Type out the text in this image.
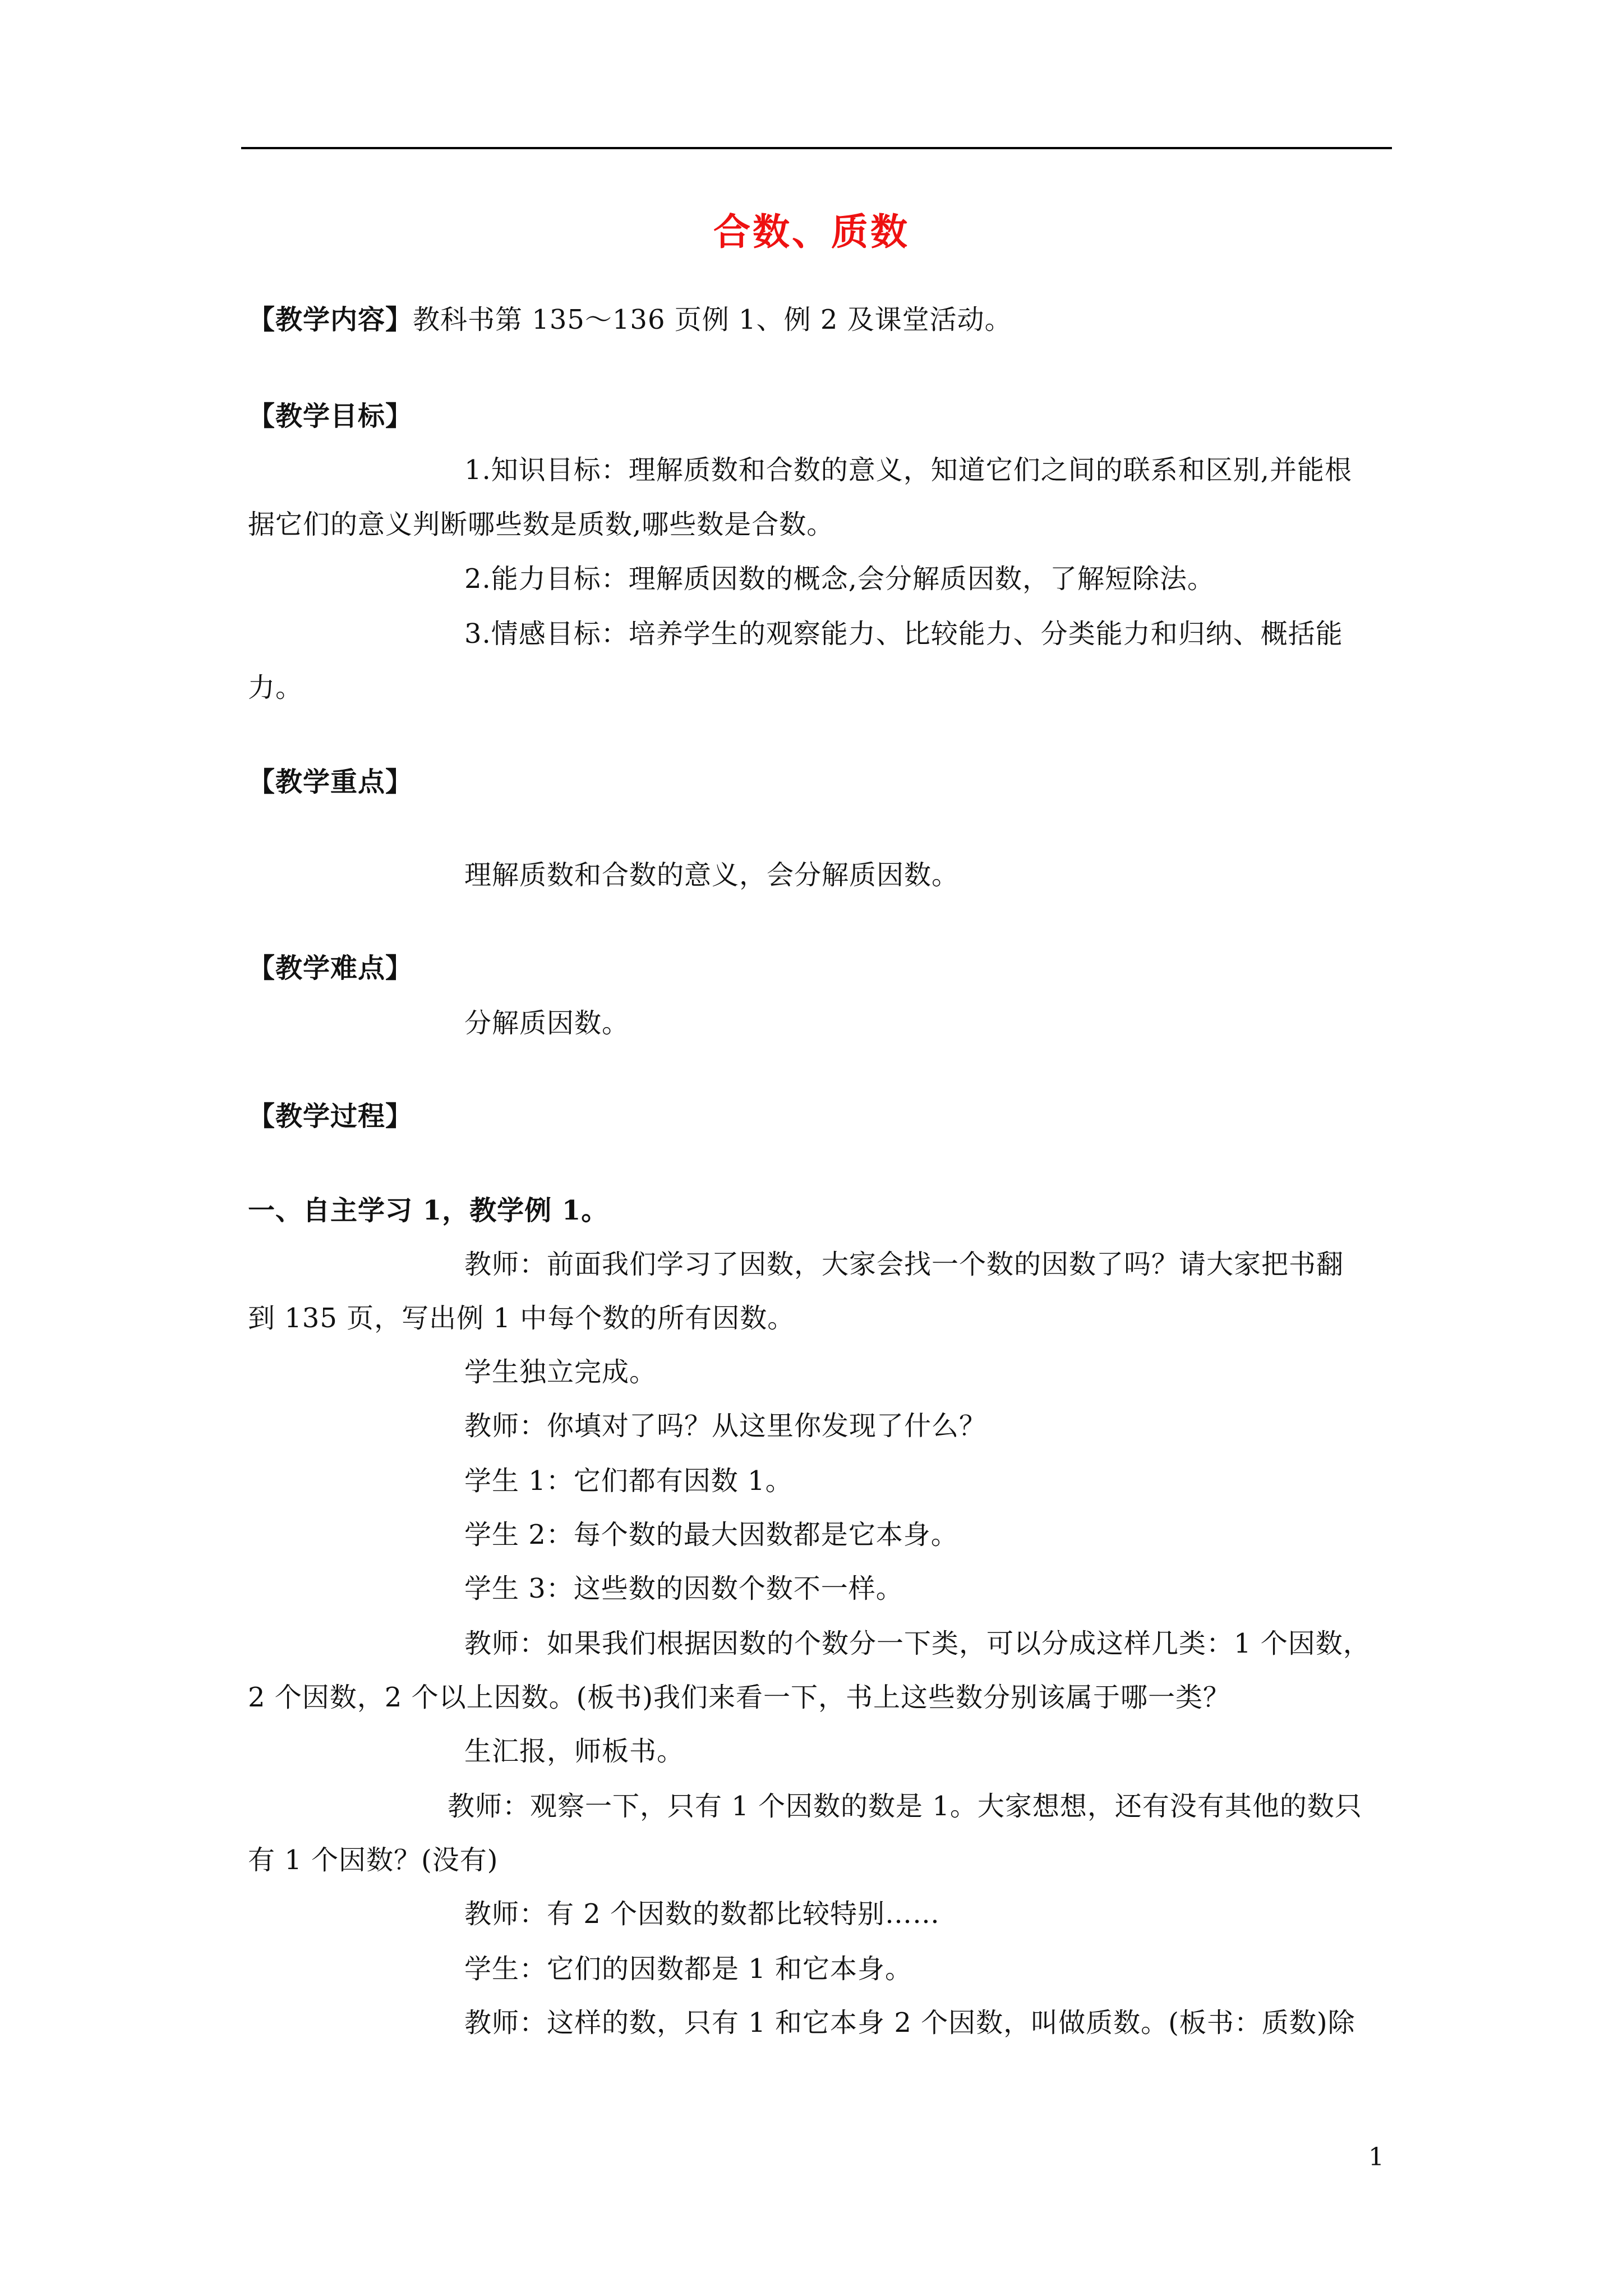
合数、质数
【教学内容】教科书第 135～136 页例 1、例 2 及课堂活动。
【教学目标】
1.知识目标：理解质数和合数的意义，知道它们之间的联系和区别,并能根
据它们的意义判断哪些数是质数,哪些数是合数。
2.能力目标：理解质因数的概念,会分解质因数，了解短除法。
3.情感目标：培养学生的观察能力、比较能力、分类能力和归纳、概括能
力。
【教学重点】
理解质数和合数的意义，会分解质因数。
【教学难点】
分解质因数。
【教学过程】
一、自主学习 1，教学例 1。
教师：前面我们学习了因数，大家会找一个数的因数了吗？请大家把书翻
到 135 页，写出例 1 中每个数的所有因数。
学生独立完成。
教师：你填对了吗？从这里你发现了什么？
学生 1：它们都有因数 1。
学生 2：每个数的最大因数都是它本身。
学生 3：这些数的因数个数不一样。
教师：如果我们根据因数的个数分一下类，可以分成这样几类：1 个因数，
2 个因数，2 个以上因数。(板书)我们来看一下，书上这些数分别该属于哪一类？
生汇报，师板书。
教师：观察一下，只有 1 个因数的数是 1。大家想想，还有没有其他的数只
有 1 个因数？(没有)
教师：有 2 个因数的数都比较特别……
学生：它们的因数都是 1 和它本身。
教师：这样的数，只有 1 和它本身 2 个因数，叫做质数。(板书：质数)除
1
